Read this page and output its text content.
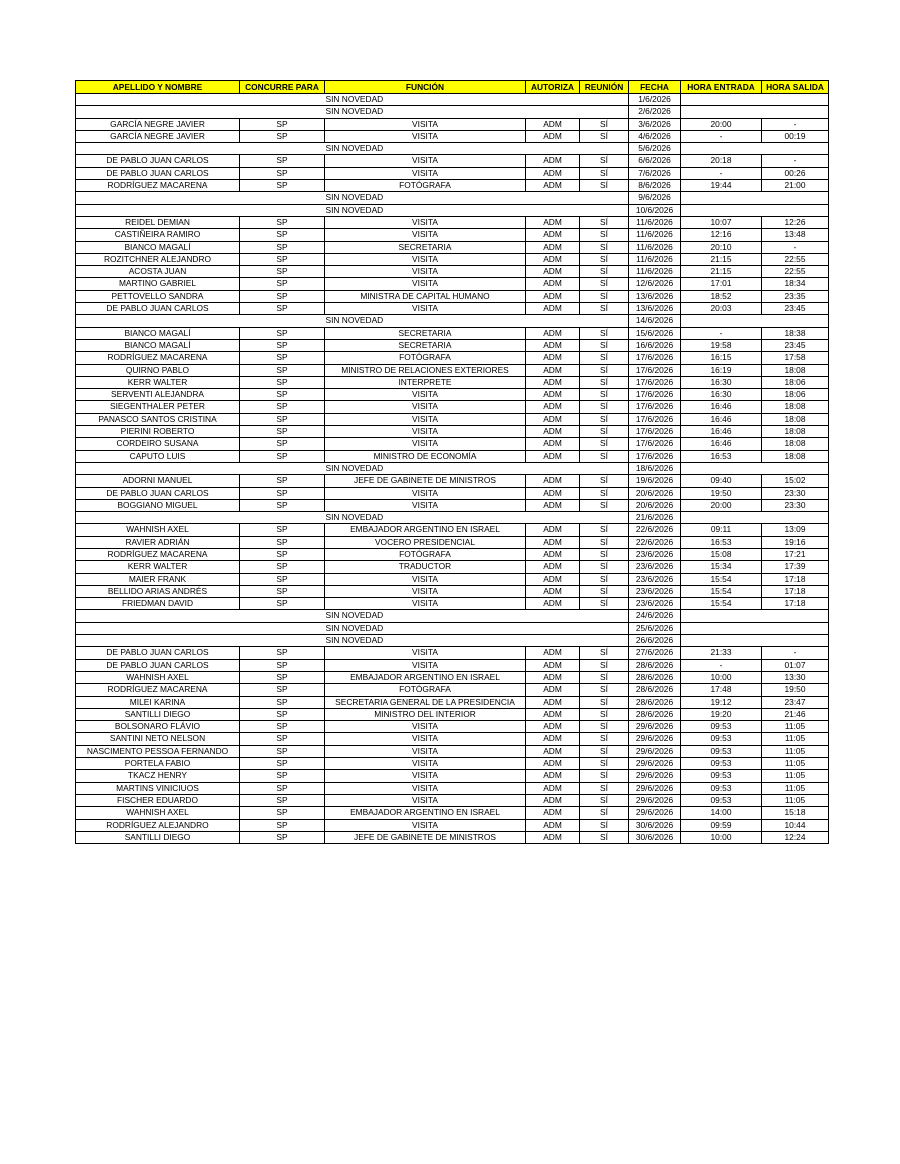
APELLIDO Y NOMBRE	CONCURRE PARA	FUNCIÓN	AUTORIZA	REUNIÓN	FECHA	HORA ENTRADA	HORA SALIDA
		SIN NOVEDAD			1/6/2026		
		SIN NOVEDAD			2/6/2026		
GARCÍA NEGRE JAVIER	SP	VISITA	ADM	SÍ	3/6/2026	20:00	-
GARCÍA NEGRE JAVIER	SP	VISITA	ADM	SÍ	4/6/2026	-	00:19
		SIN NOVEDAD			5/6/2026		
DE PABLO JUAN CARLOS	SP	VISITA	ADM	SÍ	6/6/2026	20:18	-
DE PABLO JUAN CARLOS	SP	VISITA	ADM	SÍ	7/6/2026	-	00:26
RODRÍGUEZ MACARENA	SP	FOTÓGRAFA	ADM	SÍ	8/6/2026	19:44	21:00
		SIN NOVEDAD			9/6/2026		
		SIN NOVEDAD			10/6/2026		
REIDEL DEMIAN	SP	VISITA	ADM	SÍ	11/6/2026	10:07	12:26
CASTIÑEIRA RAMIRO	SP	VISITA	ADM	SÍ	11/6/2026	12:16	13:48
BIANCO MAGALÍ	SP	SECRETARIA	ADM	SÍ	11/6/2026	20:10	-
ROZITCHNER ALEJANDRO	SP	VISITA	ADM	SÍ	11/6/2026	21:15	22:55
ACOSTA JUAN	SP	VISITA	ADM	SÍ	11/6/2026	21:15	22:55
MARTINO GABRIEL	SP	VISITA	ADM	SÍ	12/6/2026	17:01	18:34
PETTOVELLO SANDRA	SP	MINISTRA DE CAPITAL HUMANO	ADM	SÍ	13/6/2026	18:52	23:35
DE PABLO JUAN CARLOS	SP	VISITA	ADM	SÍ	13/6/2026	20:03	23:45
		SIN NOVEDAD			14/6/2026		
BIANCO MAGALÍ	SP	SECRETARIA	ADM	SÍ	15/6/2026	-	18:38
BIANCO MAGALÍ	SP	SECRETARIA	ADM	SÍ	16/6/2026	19:58	23:45
RODRÍGUEZ MACARENA	SP	FOTÓGRAFA	ADM	SÍ	17/6/2026	16:15	17:58
QUIRNO PABLO	SP	MINISTRO DE RELACIONES EXTERIORES	ADM	SÍ	17/6/2026	16:19	18:08
KERR WALTER	SP	INTERPRETE	ADM	SÍ	17/6/2026	16:30	18:06
SERVENTI ALEJANDRA	SP	VISITA	ADM	SÍ	17/6/2026	16:30	18:06
SIEGENTHALER PETER	SP	VISITA	ADM	SÍ	17/6/2026	16:46	18:08
PANASCO SANTOS CRISTINA	SP	VISITA	ADM	SÍ	17/6/2026	16:46	18:08
PIERINI ROBERTO	SP	VISITA	ADM	SÍ	17/6/2026	16:46	18:08
CORDEIRO SUSANA	SP	VISITA	ADM	SÍ	17/6/2026	16:46	18:08
CAPUTO LUIS	SP	MINISTRO DE ECONOMÍA	ADM	SÍ	17/6/2026	16:53	18:08
		SIN NOVEDAD			18/6/2026		
ADORNI MANUEL	SP	JEFE DE GABINETE DE MINISTROS	ADM	SÍ	19/6/2026	09:40	15:02
DE PABLO JUAN CARLOS	SP	VISITA	ADM	SÍ	20/6/2026	19:50	23:30
BOGGIANO MIGUEL	SP	VISITA	ADM	SÍ	20/6/2026	20:00	23:30
		SIN NOVEDAD			21/6/2026		
WAHNISH AXEL	SP	EMBAJADOR ARGENTINO EN ISRAEL	ADM	SÍ	22/6/2026	09:11	13:09
RAVIER ADRIÁN	SP	VOCERO PRESIDENCIAL	ADM	SÍ	22/6/2026	16:53	19:16
RODRÍGUEZ MACARENA	SP	FOTÓGRAFA	ADM	SÍ	23/6/2026	15:08	17:21
KERR WALTER	SP	TRADUCTOR	ADM	SÍ	23/6/2026	15:34	17:39
MAIER FRANK	SP	VISITA	ADM	SÍ	23/6/2026	15:54	17:18
BELLIDO ARIAS ANDRÉS	SP	VISITA	ADM	SÍ	23/6/2026	15:54	17:18
FRIEDMAN DAVID	SP	VISITA	ADM	SÍ	23/6/2026	15:54	17:18
		SIN NOVEDAD			24/6/2026		
		SIN NOVEDAD			25/6/2026		
		SIN NOVEDAD			26/6/2026		
DE PABLO JUAN CARLOS	SP	VISITA	ADM	SÍ	27/6/2026	21:33	-
DE PABLO JUAN CARLOS	SP	VISITA	ADM	SÍ	28/6/2026	-	01:07
WAHNISH AXEL	SP	EMBAJADOR ARGENTINO EN ISRAEL	ADM	SÍ	28/6/2026	10:00	13:30
RODRÍGUEZ MACARENA	SP	FOTÓGRAFA	ADM	SÍ	28/6/2026	17:48	19:50
MILEI KARINA	SP	SECRETARIA GENERAL DE LA PRESIDENCIA	ADM	SÍ	28/6/2026	19:12	23:47
SANTILLI DIEGO	SP	MINISTRO DEL INTERIOR	ADM	SÍ	28/6/2026	19:20	21:46
BOLSONARO FLÁVIO	SP	VISITA	ADM	SÍ	29/6/2026	09:53	11:05
SANTINI NETO NELSON	SP	VISITA	ADM	SÍ	29/6/2026	09:53	11:05
NASCIMENTO PESSOA FERNANDO	SP	VISITA	ADM	SÍ	29/6/2026	09:53	11:05
PORTELA FABIO	SP	VISITA	ADM	SÍ	29/6/2026	09:53	11:05
TKACZ HENRY	SP	VISITA	ADM	SÍ	29/6/2026	09:53	11:05
MARTINS VINICIUOS	SP	VISITA	ADM	SÍ	29/6/2026	09:53	11:05
FISCHER EDUARDO	SP	VISITA	ADM	SÍ	29/6/2026	09:53	11:05
WAHNISH AXEL	SP	EMBAJADOR ARGENTINO EN ISRAEL	ADM	SÍ	29/6/2026	14:00	15:18
RODRÍGUEZ ALEJANDRO	SP	VISITA	ADM	SÍ	30/6/2026	09:59	10:44
SANTILLI DIEGO	SP	JEFE DE GABINETE DE MINISTROS	ADM	SÍ	30/6/2026	10:00	12:24
